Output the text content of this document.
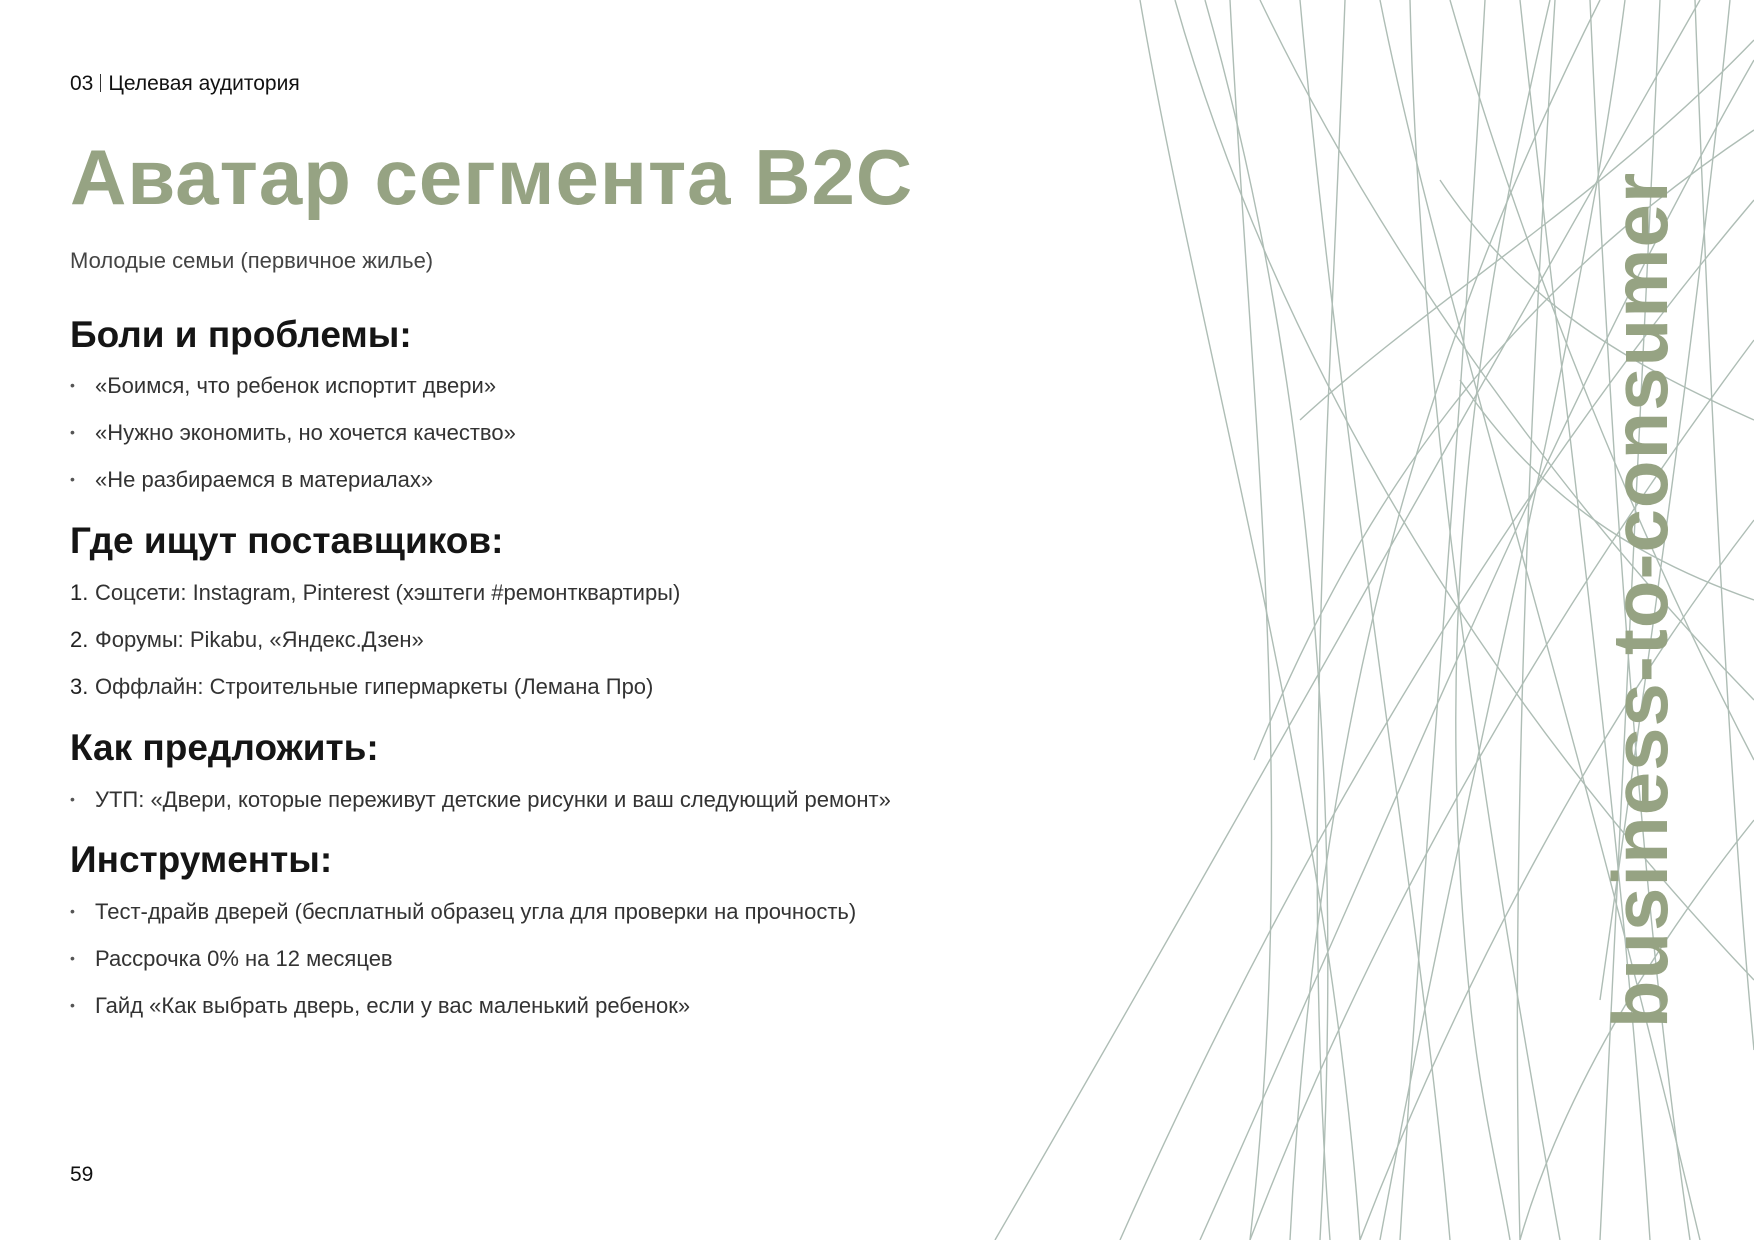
03 Целевая аудитория
Аватар сегмента B2C
Молодые семьи (первичное жилье)
Боли и проблемы:
• «Боимся, что ребенок испортит двери»
• «Нужно экономить, но хочется качество»
• «Не разбираемся в материалах»
Где ищут поставщиков:
1. Соцсети: Instagram, Pinterest (хэштеги #ремонтквартиры)
2. Форумы: Pikabu, «Яндекс.Дзен»
3. Оффлайн: Строительные гипермаркеты (Лемана Про)
Как предложить:
• УТП: «Двери, которые переживут детские рисунки и ваш следующий ремонт»
Инструменты:
• Тест-драйв дверей (бесплатный образец угла для проверки на прочность)
• Рассрочка 0% на 12 месяцев
• Гайд «Как выбрать дверь, если у вас маленький ребенок»
59
business-to-consumer
